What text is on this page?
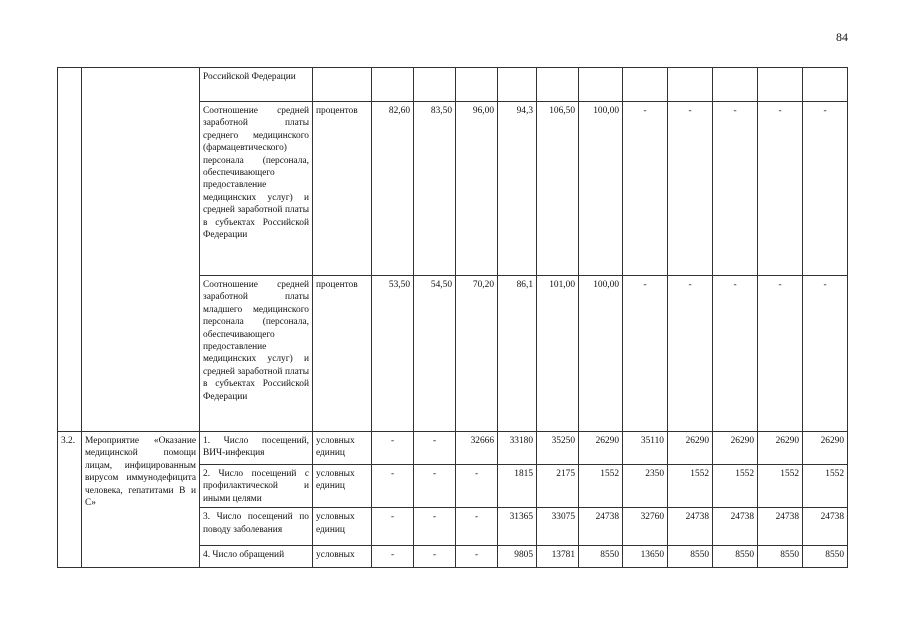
84
		Российской Федерации													
		Соотношение средней заработной платы среднего медицинского (фармацевтического) персонала (персонала, обеспечивающего предоставление медицинских услуг) и средней заработной платы в субъектах Российской Федерации	процентов	82,60	83,50	96,00	94,3	106,50	100,00	-	-	-	-	-	
		Соотношение средней заработной платы младшего медицинского персонала (персонала, обеспечивающего предоставление медицинских услуг) и средней заработной платы в субъектах Российской Федерации	процентов	53,50	54,50	70,20	86,1	101,00	100,00	-	-	-	-	-	
3.2.	Мероприятие «Оказание медицинской помощи лицам, инфицированным вирусом иммунодефицита человека, гепатитами В и С»	1. Число посещений, ВИЧ-инфекция	условных единиц	-	-	32666	33180	35250	26290	35110	26290	26290	26290	26290	
		2. Число посещений с профилактической и иными целями	условных единиц	-	-	-	1815	2175	1552	2350	1552	1552	1552	1552	
		3. Число посещений по поводу заболевания	условных единиц	-	-	-	31365	33075	24738	32760	24738	24738	24738	24738	
		4. Число обращений	условных	-	-	-	9805	13781	8550	13650	8550	8550	8550	8550	
